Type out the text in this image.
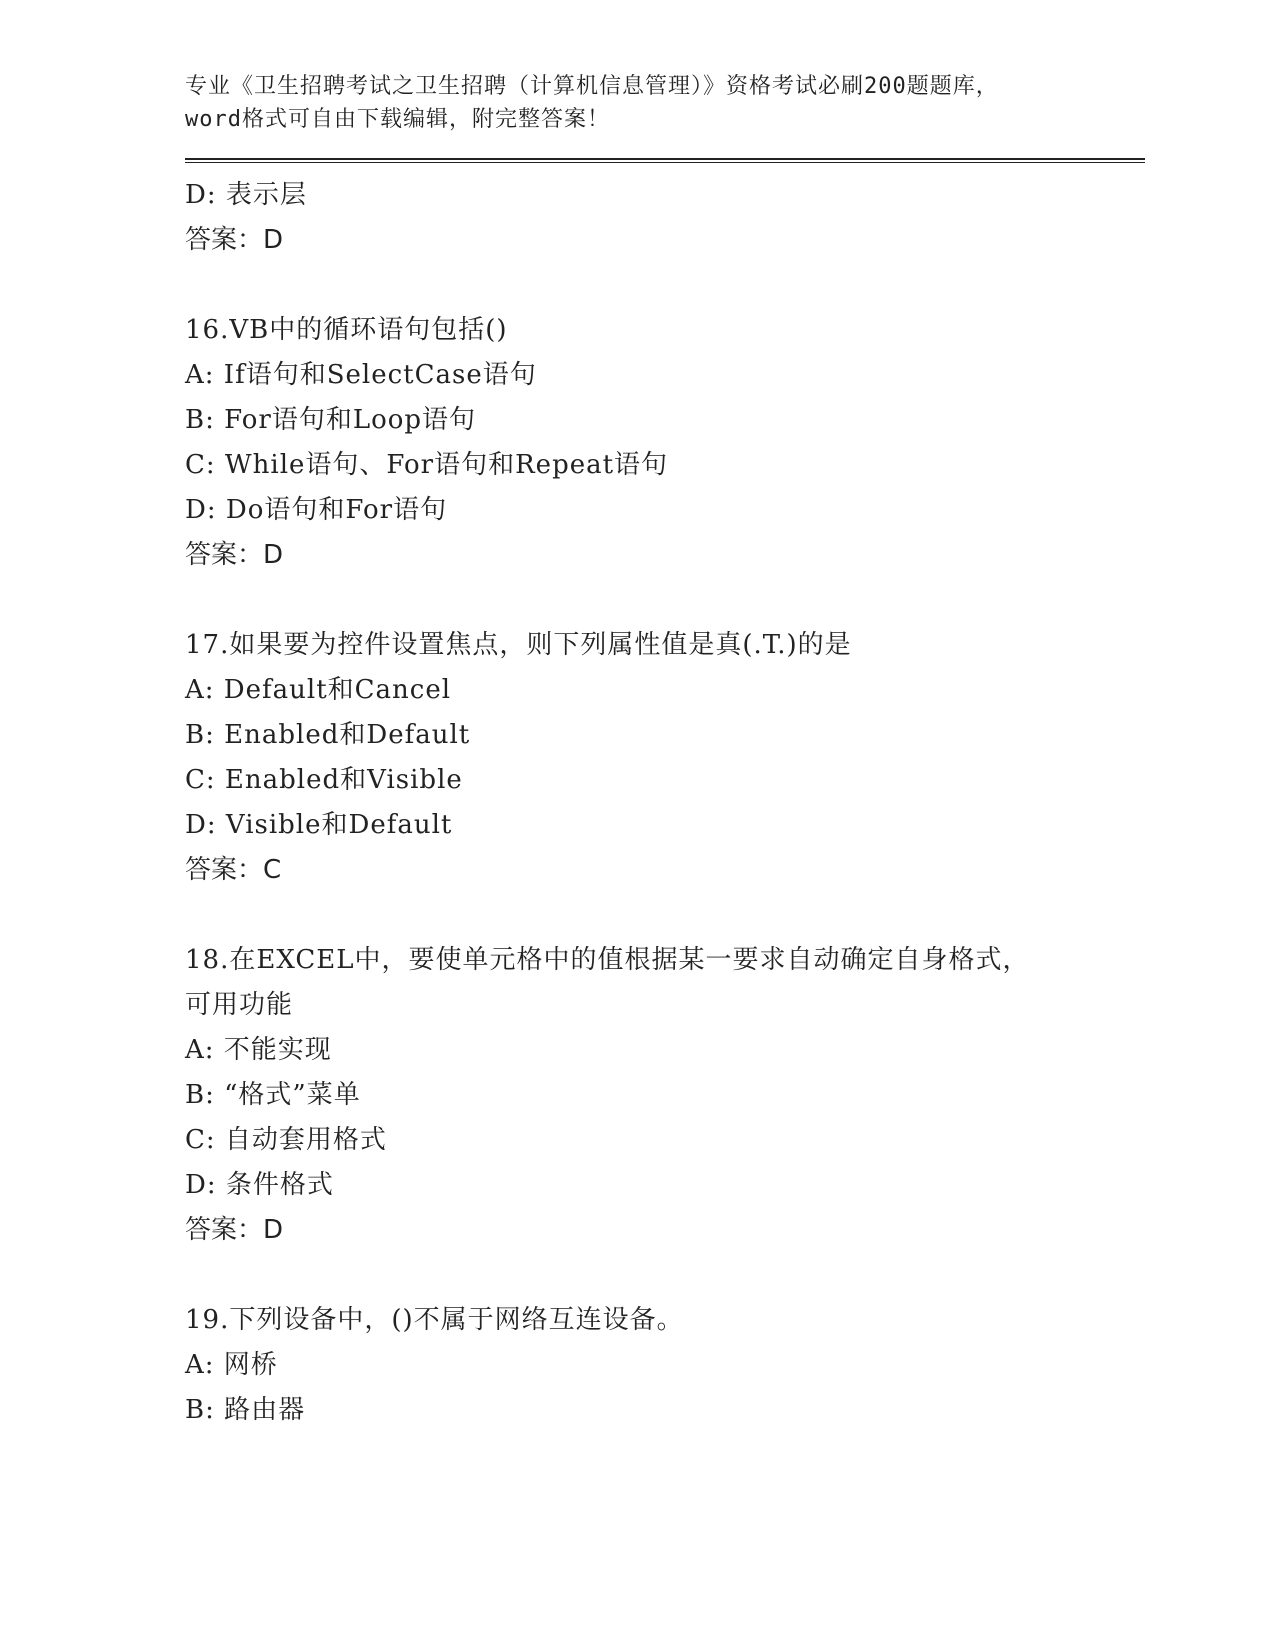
专业《卫生招聘考试之卫生招聘（计算机信息管理）》资格考试必刷200题题库，
word格式可自由下载编辑，附完整答案！
D: 表示层
答案：D
16.VB中的循环语句包括()
A: If语句和SelectCase语句
B: For语句和Loop语句
C: While语句、For语句和Repeat语句
D: Do语句和For语句
答案：D
17.如果要为控件设置焦点，则下列属性值是真(.T.)的是
A: Default和Cancel
B: Enabled和Default
C: Enabled和Visible
D: Visible和Default
答案：C
18.在EXCEL中，要使单元格中的值根据某一要求自动确定自身格式，
可用功能
A: 不能实现
B: “格式”菜单
C: 自动套用格式
D: 条件格式
答案：D
19.下列设备中，()不属于网络互连设备。
A: 网桥
B: 路由器
